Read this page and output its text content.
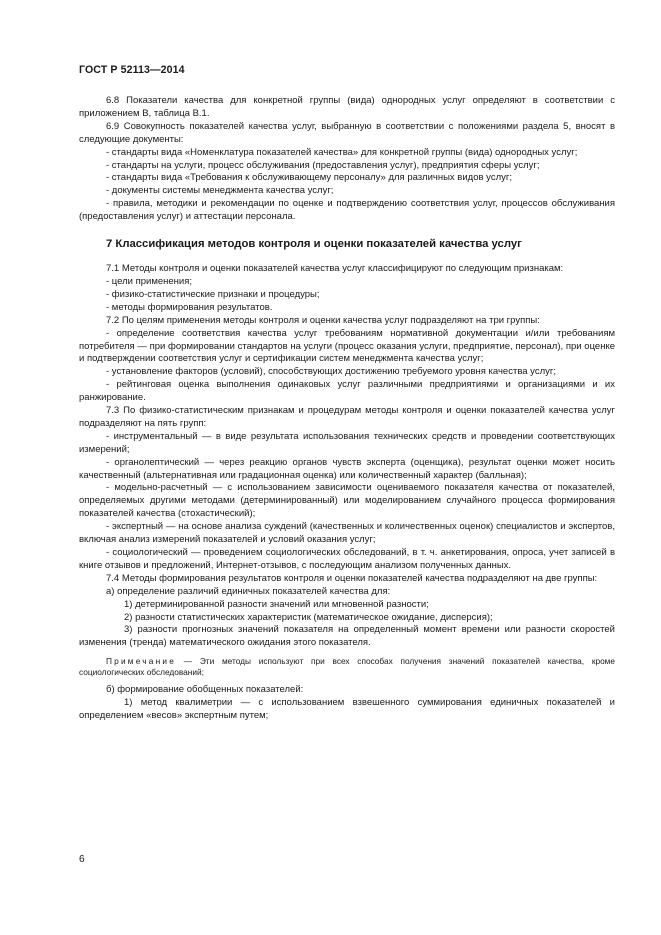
ГОСТ Р 52113—2014

6.8 Показатели качества для конкретной группы (вида) однородных услуг определяют в соответствии с приложением В, таблица В.1.

6.9 Совокупность показателей качества услуг, выбранную в соответствии с положениями раздела 5, вносят в следующие документы:

- стандарты вида «Номенклатура показателей качества» для конкретной группы (вида) однородных услуг;

- стандарты на услуги, процесс обслуживания (предоставления услуг), предприятия сферы услуг;

- стандарты вида «Требования к обслуживающему персоналу» для различных видов услуг;

- документы системы менеджмента качества услуг;

- правила, методики и рекомендации по оценке и подтверждению соответствия услуг, процессов обслуживания (предоставления услуг) и аттестации персонала.

7 Классификация методов контроля и оценки показателей качества услуг

7.1 Методы контроля и оценки показателей качества услуг классифицируют по следующим признакам:

- цели применения;

- физико-статистические признаки и процедуры;

- методы формирования результатов.

7.2 По целям применения методы контроля и оценки качества услуг подразделяют на три группы:

- определение соответствия качества услуг требованиям нормативной документации и/или требованиям потребителя — при формировании стандартов на услуги (процесс оказания услуги, предприятие, персонал), при оценке и подтверждении соответствия услуг и сертификации систем менеджмента качества услуг;

- установление факторов (условий), способствующих достижению требуемого уровня качества услуг;

- рейтинговая оценка выполнения одинаковых услуг различными предприятиями и организациями и их ранжирование.

7.3 По физико-статистическим признакам и процедурам методы контроля и оценки показателей качества услуг подразделяют на пять групп:

- инструментальный — в виде результата использования технических средств и проведении соответствующих измерений;

- органолептический — через реакцию органов чувств эксперта (оценщика), результат оценки может носить качественный (альтернативная или градационная оценка) или количественный характер (балльная);

- модельно-расчетный — с использованием зависимости оцениваемого показателя качества от показателей, определяемых другими методами (детерминированный) или моделированием случайного процесса формирования показателей качества (стохастический);

- экспертный — на основе анализа суждений (качественных и количественных оценок) специалистов и экспертов, включая анализ измерений показателей и условий оказания услуг;

- социологический — проведением социологических обследований, в т. ч. анкетирования, опроса, учет записей в книге отзывов и предложений, Интернет-отзывов, с последующим анализом полученных данных.

7.4 Методы формирования результатов контроля и оценки показателей качества подразделяют на две группы:

а) определение различий единичных показателей качества для:

1) детерминированной разности значений или мгновенной разности;

2) разности статистических характеристик (математическое ожидание, дисперсия);

3) разности прогнозных значений показателя на определенный момент времени или разности скоростей изменения (тренда) математического ожидания этого показателя.

Примечание — Эти методы используют при всех способах получения значений показателей качества, кроме социологических обследований;

б) формирование обобщенных показателей:

1) метод квалиметрии — с использованием взвешенного суммирования единичных показателей и определением «весов» экспертным путем;

6
